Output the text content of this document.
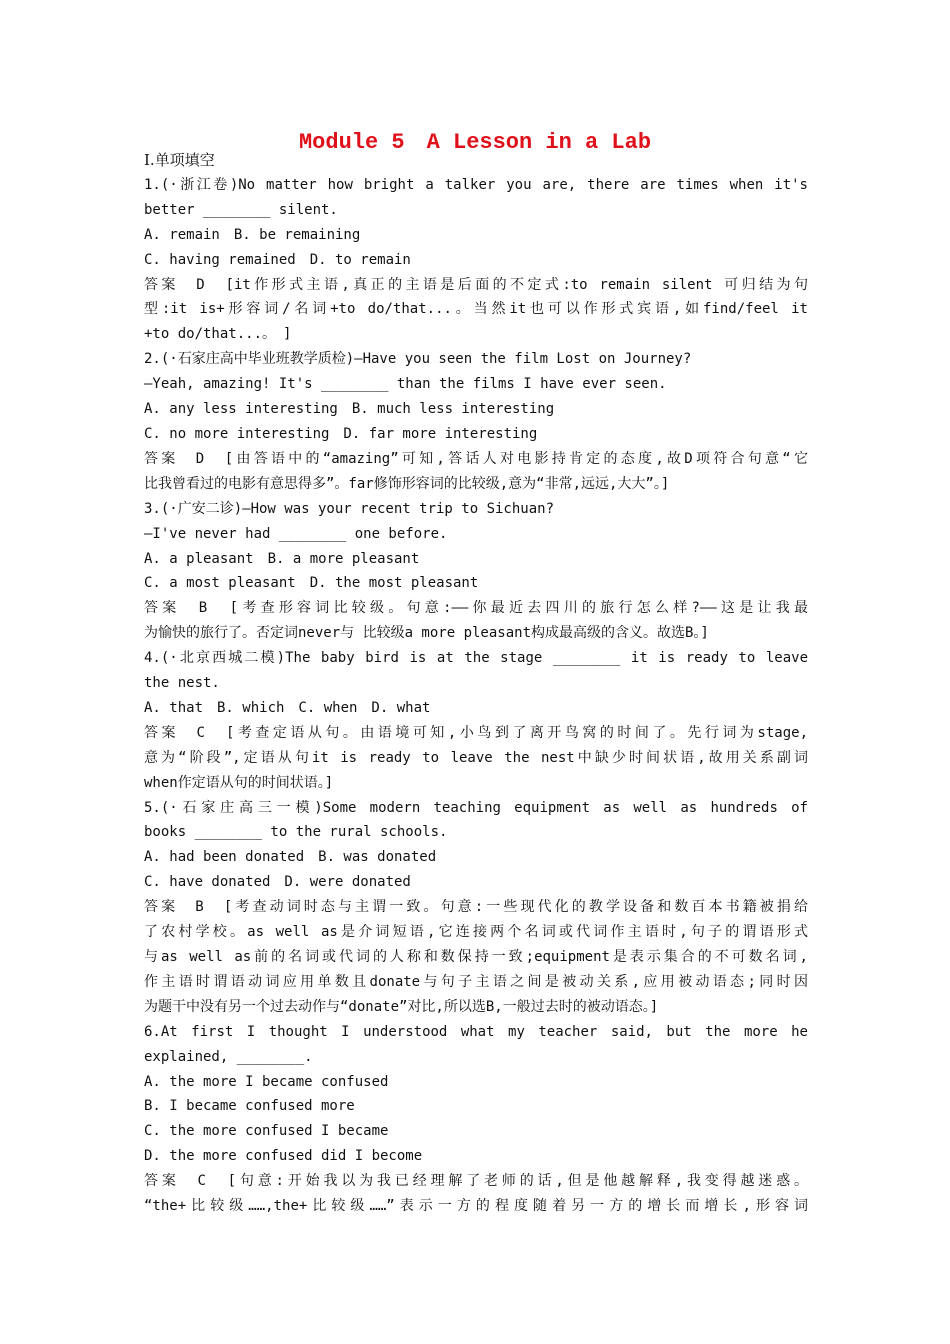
Module 5　A Lesson in a Lab
Ⅰ.单项填空
1.(·浙江卷)No matter how bright a talker you are, there are times when it's
better ________ silent.
A. remain　B. be remaining
C. having remained　D. to remain
答案　D　[it作形式主语,真正的主语是后面的不定式:to remain silent 可归结为句
型:it is+形容词/名词+to do/that...。当然it也可以作形式宾语,如find/feel it
+to do/that...。　]
2.(·石家庄高中毕业班教学质检)—Have you seen the film Lost on Journey?
—Yeah, amazing! It's ________ than the films I have ever seen.
A. any less interesting　B. much less interesting
C. no more interesting　D. far more interesting
答案　D　[由答语中的“amazing”可知,答话人对电影持肯定的态度,故D项符合句意“它
比我曾看过的电影有意思得多”。far修饰形容词的比较级,意为“非常,远远,大大”。]
3.(·广安二诊)—How was your recent trip to Sichuan?
—I've never had ________ one before.
A. a pleasant　B. a more pleasant
C. a most pleasant　D. the most pleasant
答案　B　[考查形容词比较级。句意:——你最近去四川的旅行怎么样?——这是让我最
为愉快的旅行了。否定词never与 比较级a more pleasant构成最高级的含义。故选B。]
4.(·北京西城二模)The baby bird is at the stage ________ it is ready to leave
the nest.
A. that　B. which　C. when　D. what
答案　C　[考查定语从句。由语境可知,小鸟到了离开鸟窝的时间了。先行词为stage,
意为“阶段”,定语从句it is ready to leave the nest中缺少时间状语,故用关系副词
when作定语从句的时间状语。]
5.(·石家庄高三一模)Some modern teaching equipment as well as hundreds of
books ________ to the rural schools.
A. had been donated　B. was donated
C. have donated　D. were donated
答案　B　[考查动词时态与主谓一致。句意:一些现代化的教学设备和数百本书籍被捐给
了农村学校。as well as是介词短语,它连接两个名词或代词作主语时,句子的谓语形式
与as well as前的名词或代词的人称和数保持一致;equipment是表示集合的不可数名词,
作主语时谓语动词应用单数且donate与句子主语之间是被动关系,应用被动语态;同时因
为题干中没有另一个过去动作与“donate”对比,所以选B,一般过去时的被动语态。]
6.At first I thought I understood what my teacher said, but the more he
explained, ________.
A. the more I became confused
B. I became confused more
C. the more confused I became
D. the more confused did I become
答案　C　[句意:开始我以为我已经理解了老师的话,但是他越解释,我变得越迷惑。
“the+比较级……,the+比较级……”表示一方的程度随着另一方的增长而增长,形容词
